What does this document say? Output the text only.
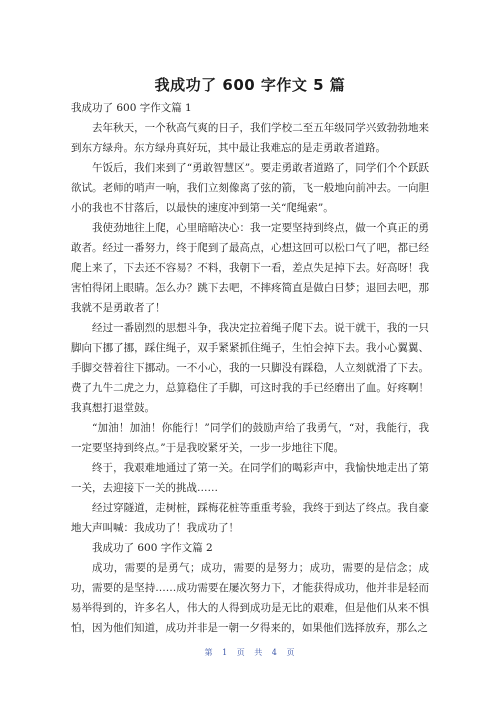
我成功了 600 字作文 5 篇

我成功了 600 字作文篇 1

去年秋天，一个秋高气爽的日子，我们学校二至五年级同学兴致勃勃地来到东方绿舟。东方绿舟真好玩，其中最让我难忘的是走勇敢者道路。

午饭后，我们来到了“勇敢智慧区”。要走勇敢者道路了，同学们个个跃跃欲试。老师的哨声一响，我们立刻像离了弦的箭，飞一般地向前冲去。一向胆小的我也不甘落后，以最快的速度冲到第一关“爬绳索”。

我使劲地往上爬，心里暗暗决心：我一定要坚持到终点，做一个真正的勇敢者。经过一番努力，终于爬到了最高点，心想这回可以松口气了吧，都已经爬上来了，下去还不容易？不料，我朝下一看，差点失足掉下去。好高呀！我害怕得闭上眼睛。怎么办？跳下去吧，不摔疼简直是做白日梦；退回去吧，那我就不是勇敢者了！

经过一番剧烈的思想斗争，我决定拉着绳子爬下去。说干就干，我的一只脚向下挪了挪，踩住绳子，双手紧紧抓住绳子，生怕会掉下去。我小心翼翼、手脚交替着往下挪动。一不小心，我的一只脚没有踩稳，人立刻就滑了下去。费了九牛二虎之力，总算稳住了手脚，可这时我的手已经磨出了血。好疼啊！我真想打退堂鼓。

“加油！加油！你能行！”同学们的鼓励声给了我勇气，“对，我能行，我一定要坚持到终点。”于是我咬紧牙关，一步一步地往下爬。

终于，我艰难地通过了第一关。在同学们的喝彩声中，我愉快地走出了第一关，去迎接下一关的挑战……

经过穿隧道，走树桩，踩梅花桩等重重考验，我终于到达了终点。我自豪地大声叫喊：我成功了！我成功了！

我成功了 600 字作文篇 2

成功，需要的是勇气；成功，需要的是努力；成功，需要的是信念；成功，需要的是坚持……成功需要在屡次努力下，才能获得成功，他并非是轻而易举得到的，许多名人，伟大的人得到成功是无比的艰难，但是他们从来不惧怕，因为他们知道，成功并非是一朝一夕得来的，如果他们选择放弃，那么之

第 1 页 共 4 页
